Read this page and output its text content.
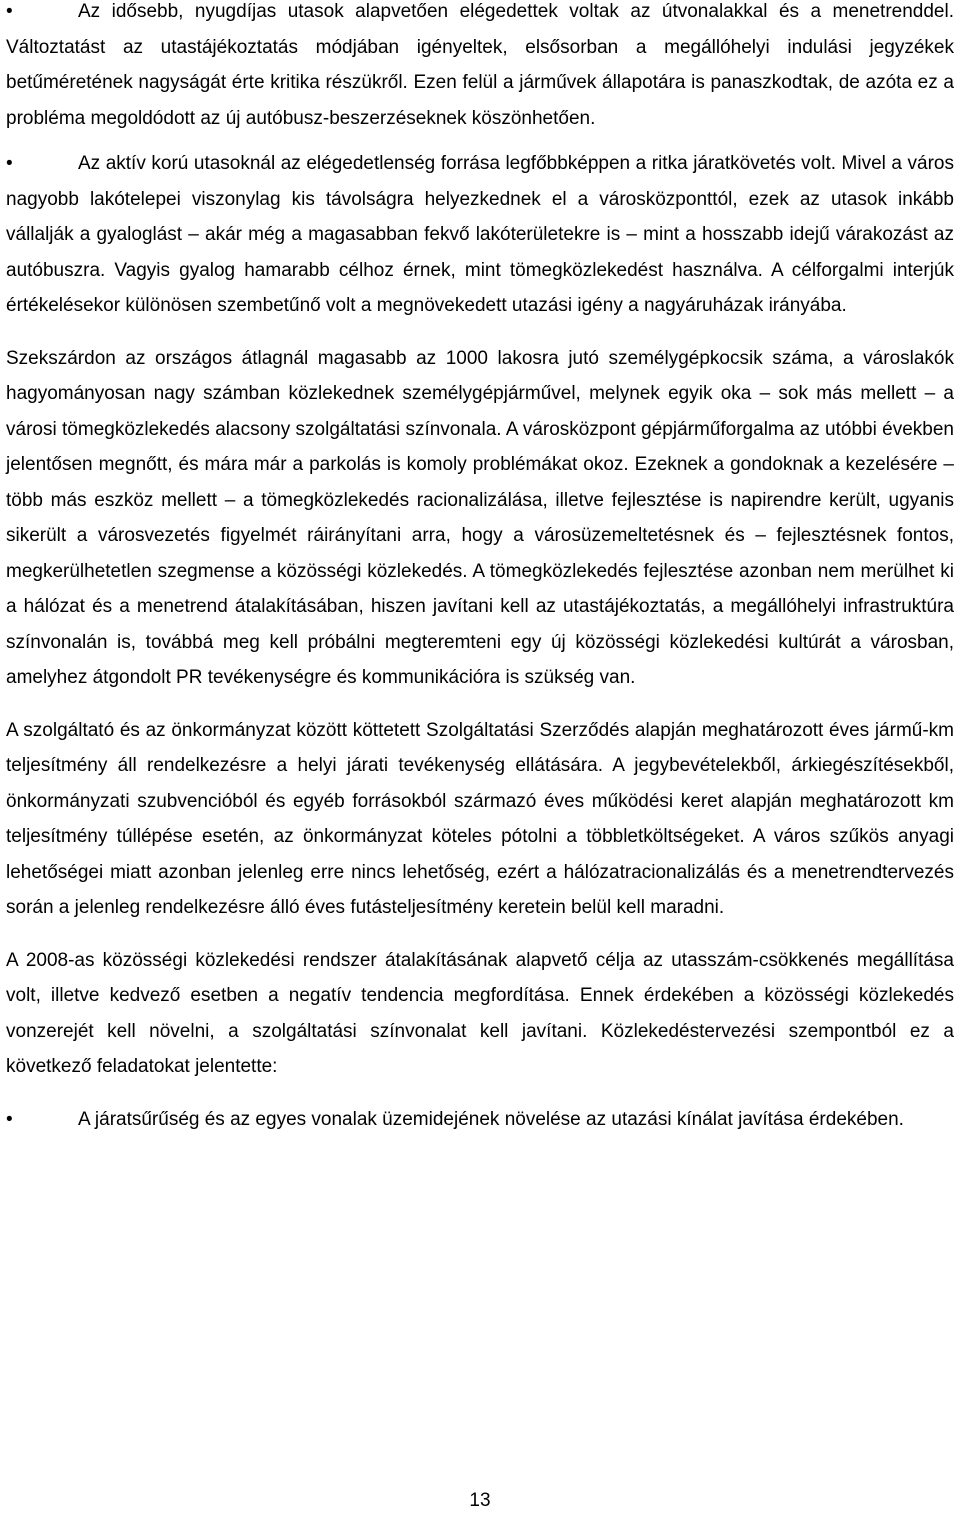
•	Az idősebb, nyugdíjas utasok alapvetően elégedettek voltak az útvonalakkal és a menetrenddel. Változtatást az utastájékoztatás módjában igényeltek, elsősorban a megállóhelyi indulási jegyzékek betűméretének nagyságát érte kritika részükről. Ezen felül a járművek állapotára is panaszkodtak, de azóta ez a probléma megoldódott az új autóbusz-beszerzéseknek köszönhetően.

•	Az aktív korú utasoknál az elégedetlenség forrása legfőbbképpen a ritka járatkövetés volt. Mivel a város nagyobb lakótelepei viszonylag kis távolságra helyezkednek el a városközponttól, ezek az utasok inkább vállalják a gyaloglást – akár még a magasabban fekvő lakóterületekre is – mint a hosszabb idejű várakozást az autóbuszra. Vagyis gyalog hamarabb célhoz érnek, mint tömegközlekedést használva. A célforgalmi interjúk értékelésekor különösen szembetűnő volt a megnövekedett utazási igény a nagyáruházak irányába.

Szekszárdon az országos átlagnál magasabb az 1000 lakosra jutó személygépkocsik száma, a városlakók hagyományosan nagy számban közlekednek személygépjárművel, melynek egyik oka – sok más mellett – a városi tömegközlekedés alacsony szolgáltatási színvonala. A városközpont gépjárműforgalma az utóbbi években jelentősen megnőtt, és mára már a parkolás is komoly problémákat okoz. Ezeknek a gondoknak a kezelésére – több más eszköz mellett – a tömegközlekedés racionalizálása, illetve fejlesztése is napirendre került, ugyanis sikerült a városvezetés figyelmét ráirányítani arra, hogy a városüzemeltetésnek és – fejlesztésnek fontos, megkerülhetetlen szegmense a közösségi közlekedés. A tömegközlekedés fejlesztése azonban nem merülhet ki a hálózat és a menetrend átalakításában, hiszen javítani kell az utastájékoztatás, a megállóhelyi infrastruktúra színvonalán is, továbbá meg kell próbálni megteremteni egy új közösségi közlekedési kultúrát a városban, amelyhez átgondolt PR tevékenységre és kommunikációra is szükség van.

A szolgáltató és az önkormányzat között köttetett Szolgáltatási Szerződés alapján meghatározott éves jármű-km teljesítmény áll rendelkezésre a helyi járati tevékenység ellátására. A jegybevételekből, árkiegészítésekből, önkormányzati szubvencióból és egyéb forrásokból származó éves működési keret alapján meghatározott km teljesítmény túllépése esetén, az önkormányzat köteles pótolni a többletköltségeket. A város szűkös anyagi lehetőségei miatt azonban jelenleg erre nincs lehetőség, ezért a hálózatracionalizálás és a menetrendtervezés során a jelenleg rendelkezésre álló éves futásteljesítmény keretein belül kell maradni.

A 2008-as közösségi közlekedési rendszer átalakításának alapvető célja az utasszám-csökkenés megállítása volt, illetve kedvező esetben a negatív tendencia megfordítása. Ennek érdekében a közösségi közlekedés vonzerejét kell növelni, a szolgáltatási színvonalat kell javítani. Közlekedéstervezési szempontból ez a következő feladatokat jelentette:

•	A járatsűrűség és az egyes vonalak üzemidejének növelése az utazási kínálat javítása érdekében.

13
